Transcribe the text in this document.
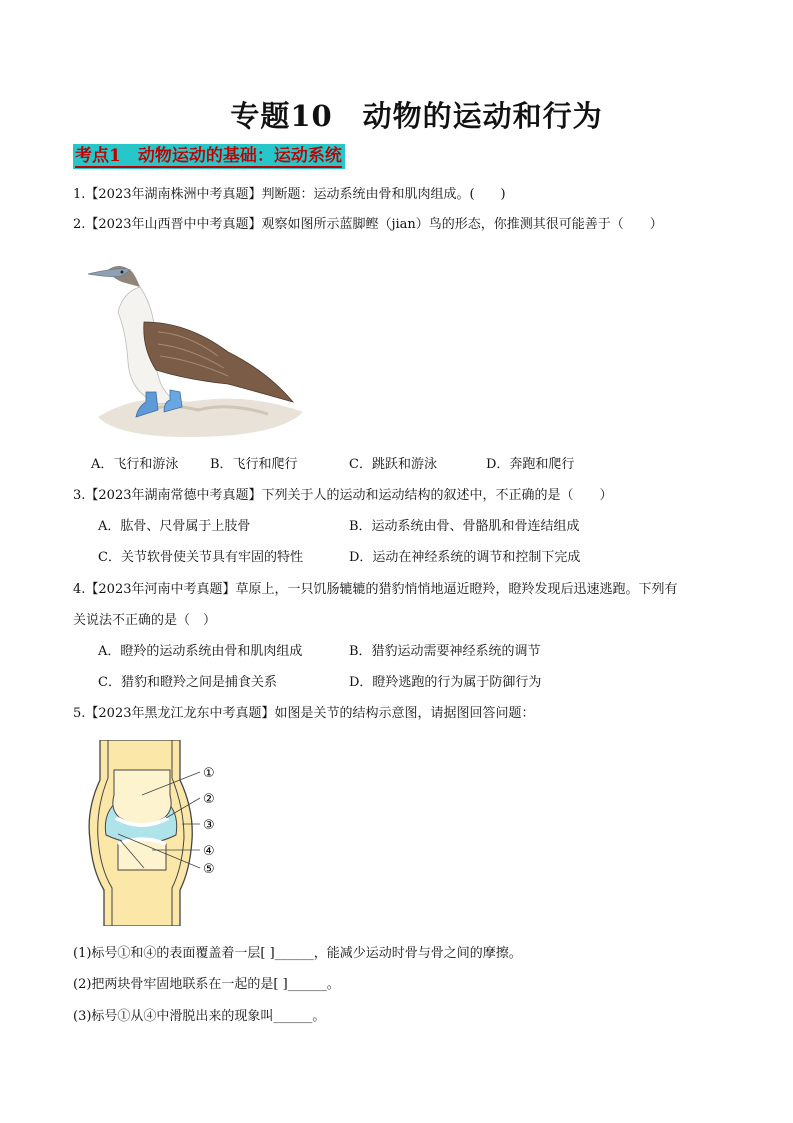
专题10　动物的运动和行为
考点1　动物运动的基础：运动系统
1.【2023年湖南株洲中考真题】判断题：运动系统由骨和肌肉组成。(　　)
2.【2023年山西晋中中考真题】观察如图所示蓝脚鲣（jian）鸟的形态，你推测其很可能善于（　　）
A．飞行和游泳 B．飞行和爬行	C．跳跃和游泳	D．奔跑和爬行
3.【2023年湖南常德中考真题】下列关于人的运动和运动结构的叙述中，不正确的是（　　）
A．肱骨、尺骨属于上肢骨	B．运动系统由骨、骨骼肌和骨连结组成
C．关节软骨使关节具有牢固的特性	D．运动在神经系统的调节和控制下完成
4.【2023年河南中考真题】草原上，一只饥肠辘辘的猎豹悄悄地逼近瞪羚，瞪羚发现后迅速逃跑。下列有
关说法不正确的是（　）
A．瞪羚的运动系统由骨和肌肉组成	B．猎豹运动需要神经系统的调节
C．猎豹和瞪羚之间是捕食关系	D．瞪羚逃跑的行为属于防御行为
5.【2023年黑龙江龙东中考真题】如图是关节的结构示意图，请据图回答问题：
①
②
③
④
⑤
(1)标号①和④的表面覆盖着一层[ ]______，能减少运动时骨与骨之间的摩擦。
(2)把两块骨牢固地联系在一起的是[ ]______。
(3)标号①从④中滑脱出来的现象叫______。
